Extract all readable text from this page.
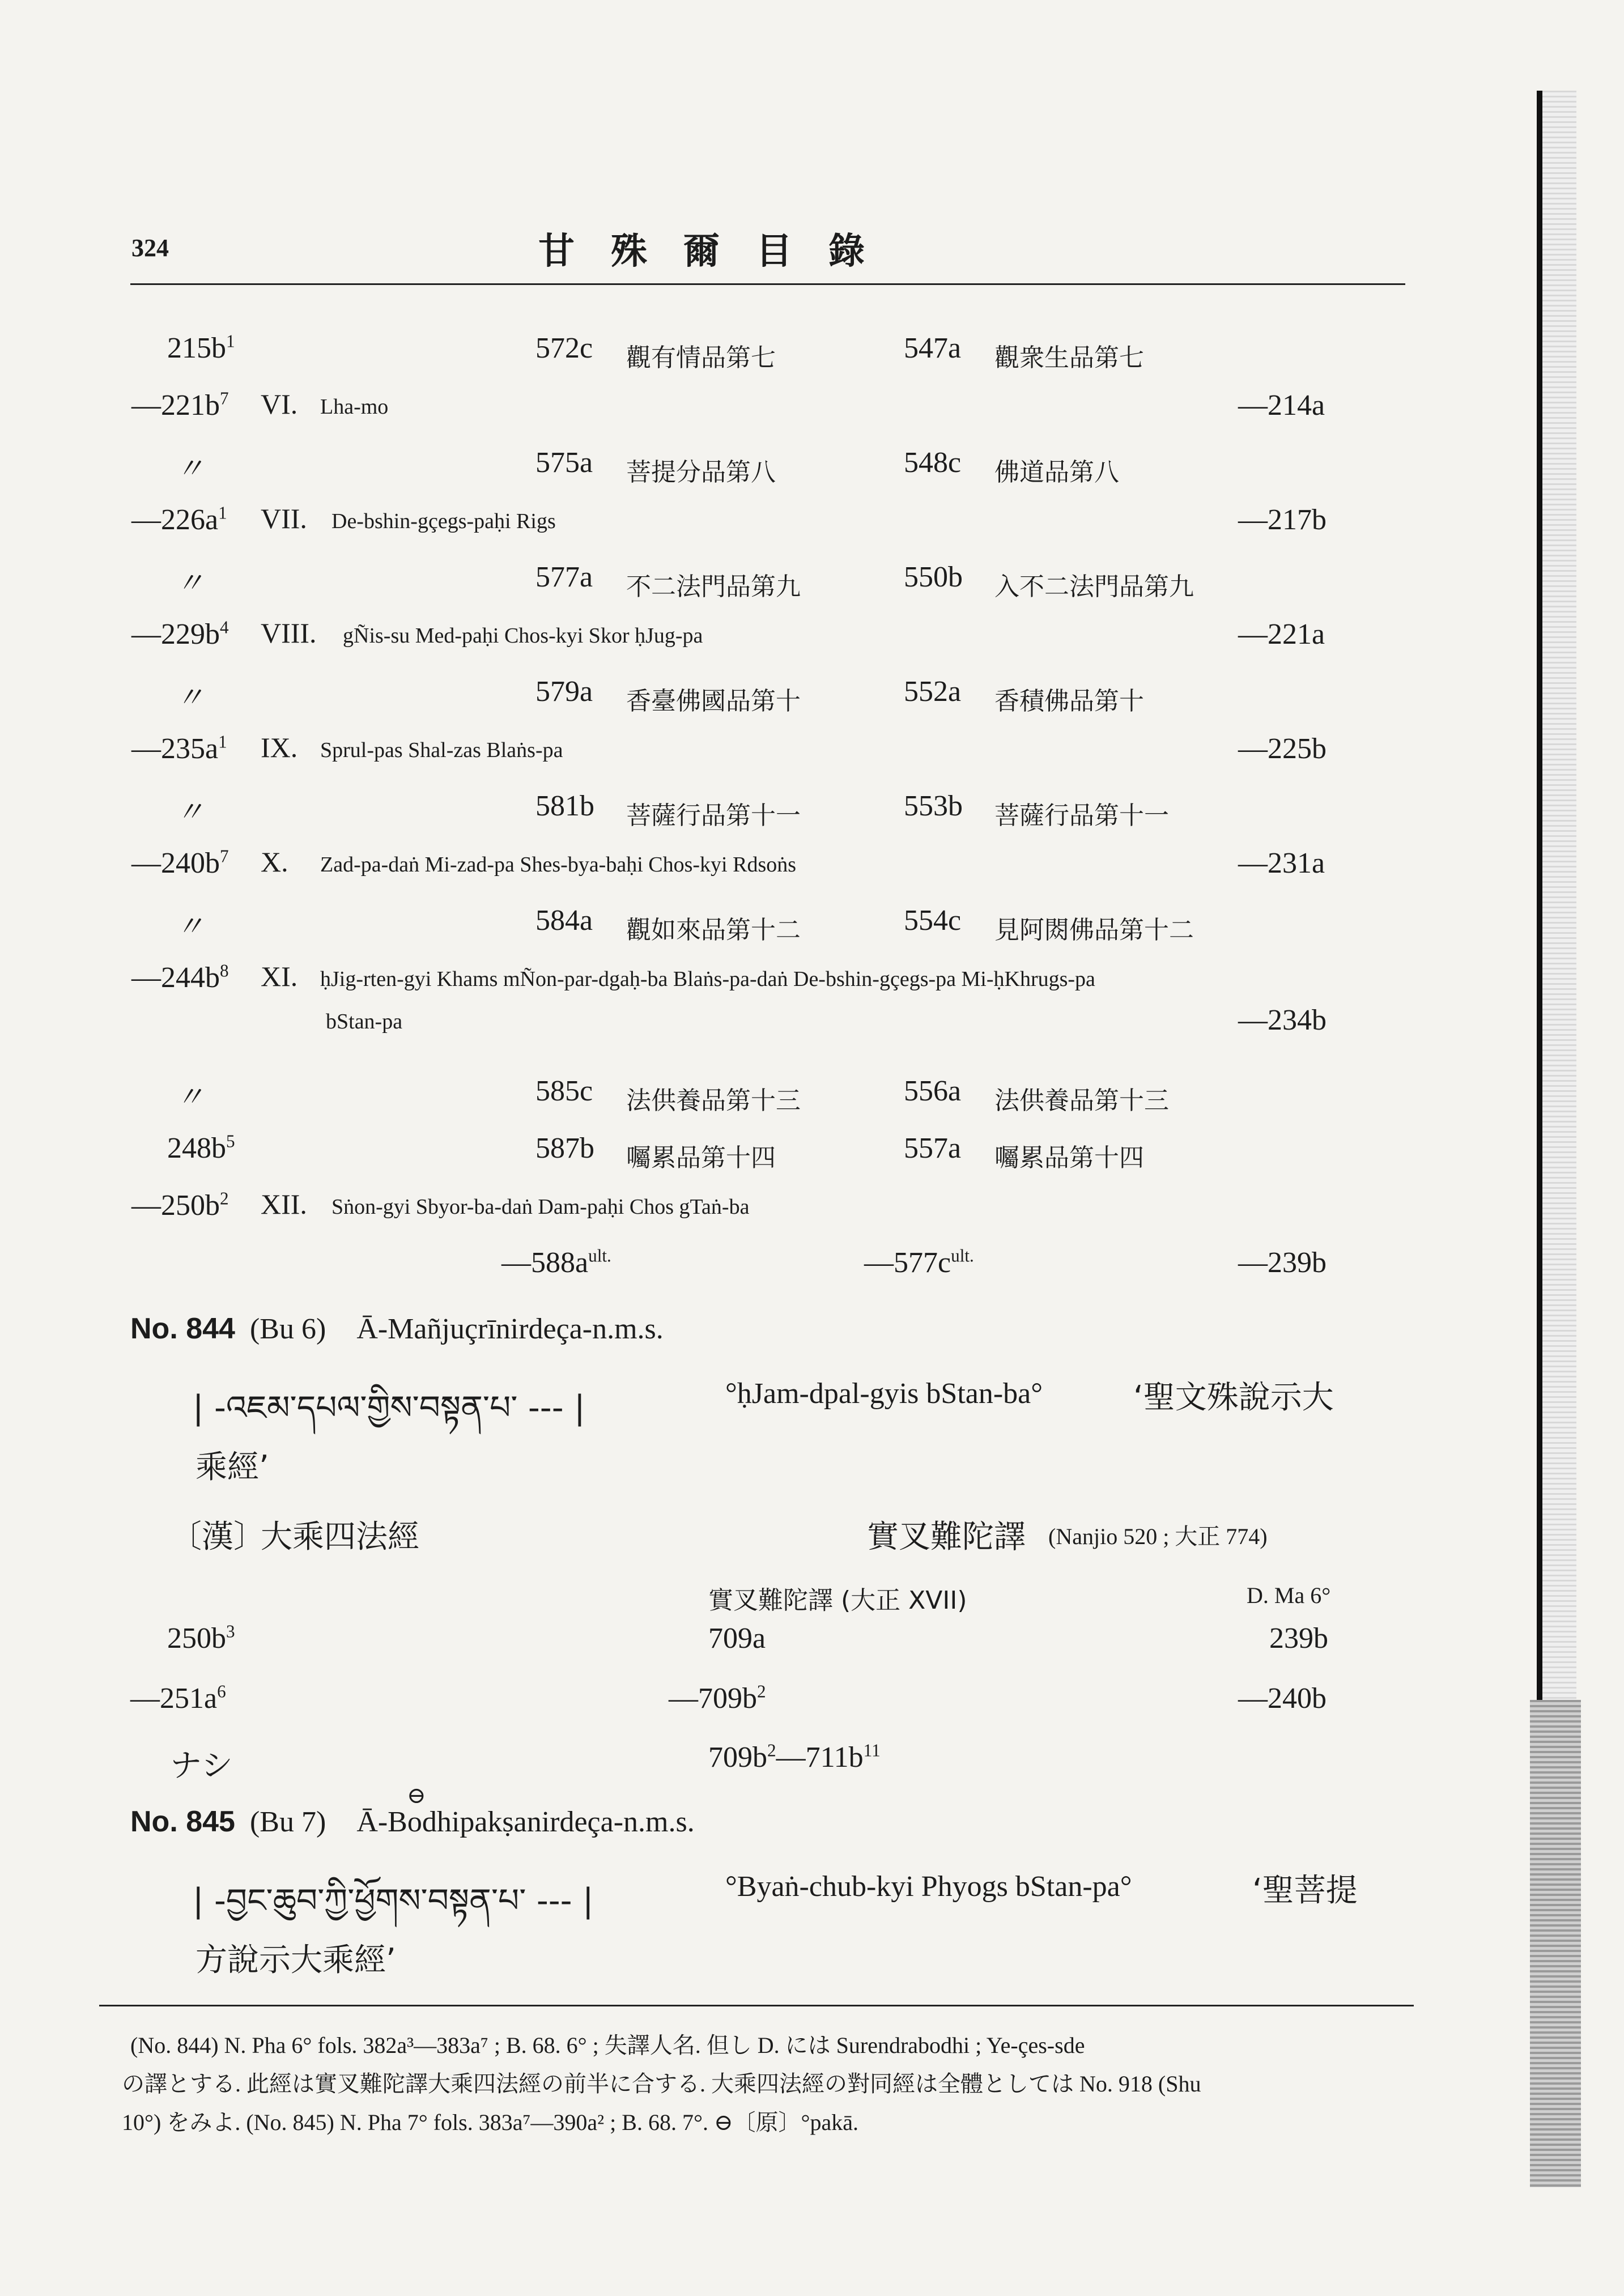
324	甘　殊　爾　目　錄
$215b^1$	572c 觀有情品第七	547a 觀衆生品第七
$—221b^7$ VI. Lha-mo	—214a
〃	575a 菩提分品第八	548c 佛道品第八
$—226a^1$ VII. De-bshin-gçegs-paḥi Rigs	—217b
〃	577a 不二法門品第九	550b 入不二法門品第九
$—229b^4$ VIII. gÑis-su Med-paḥi Chos-kyi Skor ḥJug-pa	—221a
〃	579a 香臺佛國品第十	552a 香積佛品第十
$—235a^1$ IX. Sprul-pas Shal-zas Blaṅs-pa	—225b
〃	581b 菩薩行品第十一	553b 菩薩行品第十一
$—240b^7$ X. Zad-pa-daṅ Mi-zad-pa Shes-bya-baḥi Chos-kyi Rdsoṅs	—231a
〃	584a 觀如來品第十二	554c 見阿閦佛品第十二
$—244b^8$ XI. ḥJig-rten-gyi Khams mÑon-par-dgaḥ-ba Blaṅs-pa-daṅ De-bshin-gçegs-pa Mi-ḥKhrugs-pa
bStan-pa	—234b
〃	585c 法供養品第十三	556a 法供養品第十三
$248b^5$	587b 囑累品第十四	557a 囑累品第十四
$—250b^2$ XII. Sṅon-gyi Sbyor-ba-daṅ Dam-paḥi Chos gTaṅ-ba
$—588a^{ult.}$	$—577c^{ult.}$	—239b
No. 844 (Bu 6) Ā-Mañjuçrīnirdeça-n.m.s.
| -འཇམ་དཔལ་གྱིས་བསྟན་པ་ --- |	°ḥJam-dpal-gyis bStan-ba°	‘聖文殊說示大
乘經’
〔漢〕
大乘四法經	實叉難陀譯 (Nanjio 520 ; 大正 774)
實叉難陀譯 (大正 XVII)	D. Ma 6°
$250b^3$	709a	239b
$—251a^6$	$—709b^2$	—240b
ナシ	$709b^2—711b^{11}$
⊖
No. 845 (Bu 7) Ā-Bodhipakṣanirdeça-n.m.s.
| -བྱང་ཆུབ་ཀྱི་ཕྱོགས་བསྟན་པ་ --- |	°Byaṅ-chub-kyi Phyogs bStan-pa°	‘聖菩提
方說示大乘經’
(No. 844) N. Pha 6° fols. 382a³—383a⁷ ; B. 68. 6° ; 失譯人名. 但し D. には Surendrabodhi ; Ye-çes-sde
の譯とする. 此經は實叉難陀譯大乘四法經の前半に合する. 大乘四法經の對同經は全體としては No. 918 (Shu
10°) をみよ. (No. 845) N. Pha 7° fols. 383a⁷—390a² ; B. 68. 7°. ⊖〔原〕°pakā.
